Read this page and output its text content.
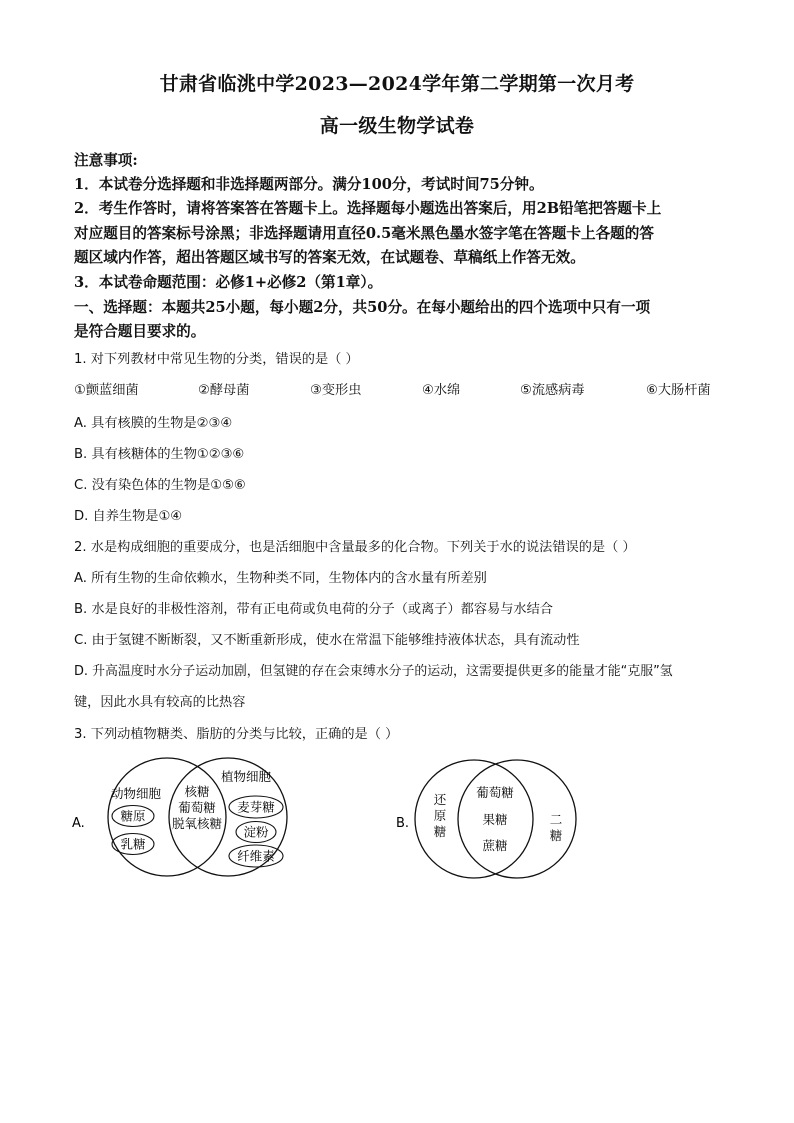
甘肃省临洮中学2023—2024学年第二学期第一次月考
高一级生物学试卷
注意事项:
1．本试卷分选择题和非选择题两部分。满分100分，考试时间75分钟。
2．考生作答时，请将答案答在答题卡上。选择题每小题选出答案后，用2B铅笔把答题卡上
对应题目的答案标号涂黑；非选择题请用直径0.5毫米黑色墨水签字笔在答题卡上各题的答
题区域内作答，超出答题区域书写的答案无效，在试题卷、草稿纸上作答无效。
3．本试卷命题范围：必修1+必修2（第1章）。
一、选择题：本题共25小题，每小题2分，共50分。在每小题给出的四个选项中只有一项
是符合题目要求的。
1. 对下列教材中常见生物的分类，错误的是（ ）
①颤蓝细菌	②酵母菌	③变形虫	④水绵	⑤流感病毒	⑥大肠杆菌
A. 具有核膜的生物是②③④
B. 具有核糖体的生物①②③⑥
C. 没有染色体的生物是①⑤⑥
D. 自养生物是①④
2. 水是构成细胞的重要成分，也是活细胞中含量最多的化合物。下列关于水的说法错误的是（ ）
A. 所有生物的生命依赖水，生物种类不同，生物体内的含水量有所差别
B. 水是良好的非极性溶剂，带有正电荷或负电荷的分子（或离子）都容易与水结合
C. 由于氢键不断断裂，又不断重新形成，使水在常温下能够维持液体状态，具有流动性
D. 升高温度时水分子运动加剧，但氢键的存在会束缚水分子的运动，这需要提供更多的能量才能“克服”氢
键，因此水具有较高的比热容
3. 下列动植物糖类、脂肪的分类与比较，正确的是（ ）
A.
动物细胞
植物细胞
糖原
乳糖
核糖
葡萄糖
脱氧核糖
麦芽糖
淀粉
纤维素
B.
还
原
糖
二
糖
葡萄糖
果糖
蔗糖
